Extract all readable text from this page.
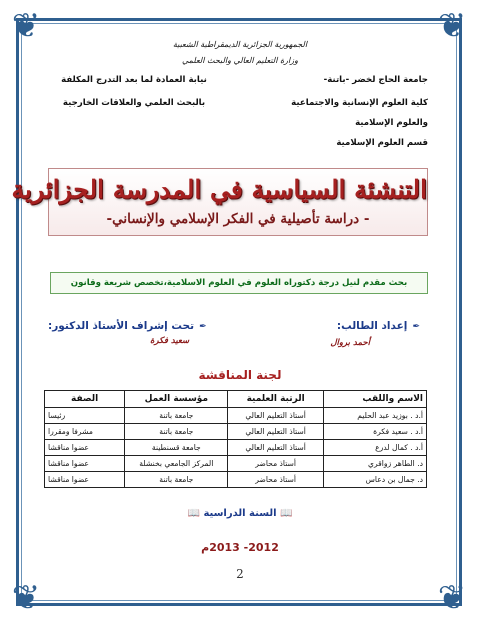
❦	❦
❦	❦
الجمهورية الجزائرية الديمقراطية الشعبية
وزارة التعليم العالي والبحث العلمي
جامعة الحاج لخضر -باتنة-
كلية العلوم الإنسانية والاجتماعية
والعلوم الإسلامية
قسم العلوم الإسلامية
نيابة العمادة لما بعد التدرج المكلفة
بالبحث العلمي والعلاقات الخارجية
التنشئة السياسية في المدرسة الجزائرية
- دراسة تأصيلية في الفكر الإسلامي والإنساني-
بحث مقدم لنيل درجة دكتوراه العلوم في العلوم الاسلامية،تخصص شريعة وقانون
✒ إعداد الطالب:
✒ تحت إشراف الأستاذ الدكتور:
أحمد بروال
سعيد فكرة
لجنة المناقشة
الاسم واللقب	الرتبة العلمية	مؤسسة العمل	الصفة
أ.د . بوزيد عبد الحليم	أستاذ التعليم العالي	جامعة باتنة	رئيسا
أ.د . سعيد فكرة	أستاذ التعليم العالي	جامعة باتنة	مشرفا ومقررا
أ.د . كمال لدرع	أستاذ التعليم العالي	جامعة قسنطينة	عضوا مناقشا
د. الطاهر زواقري	أستاذ محاضر	المركز الجامعي بخنشلة	عضوا مناقشا
د. جمال بن دعاس	أستاذ محاضر	جامعة باتنة	عضوا مناقشا
📖 السنة الدراسية 📖
2012- 2013م
2
